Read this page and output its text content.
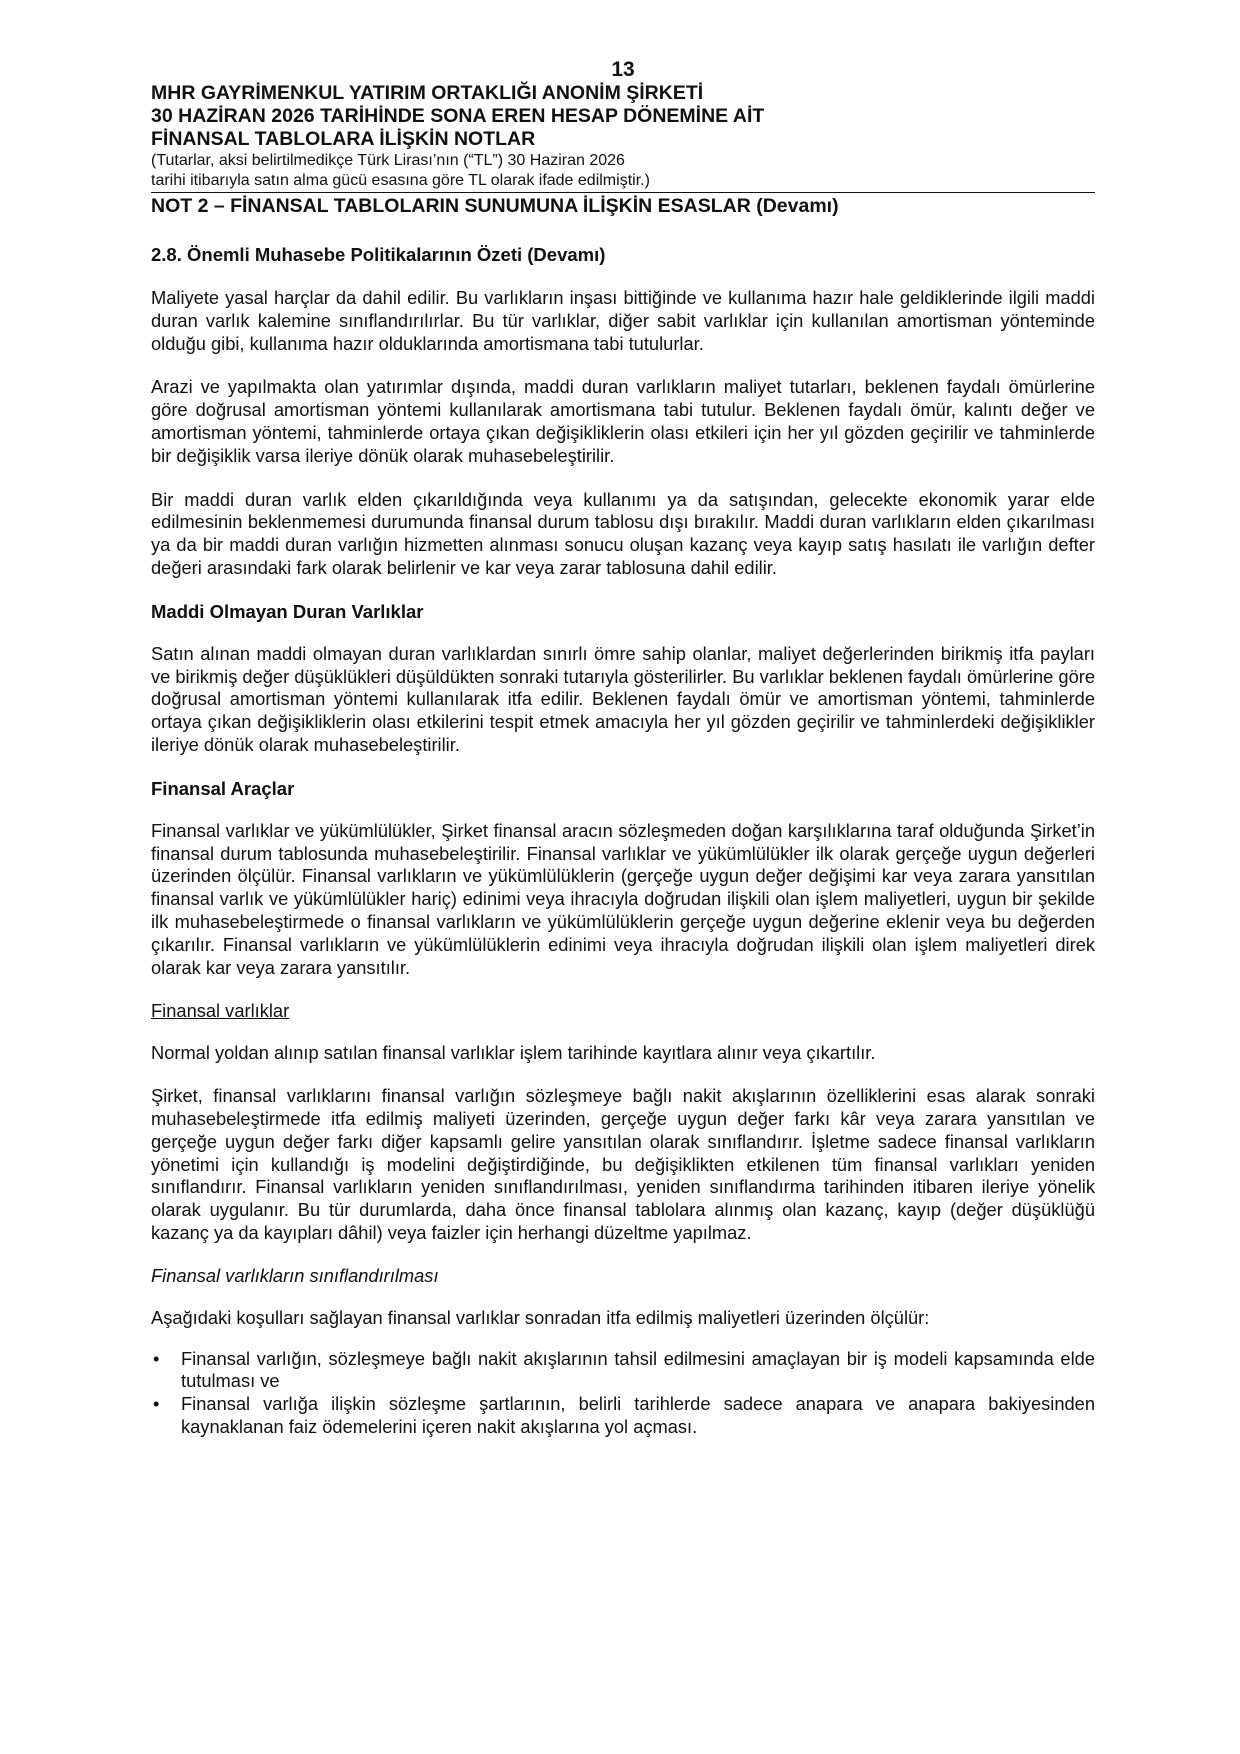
13
MHR GAYRİMENKUL YATIRIM ORTAKLIĞI ANONİM ŞİRKETİ
30 HAZİRAN 2026 TARİHİNDE SONA EREN HESAP DÖNEMİNE AİT
FİNANSAL TABLOLARA İLİŞKİN NOTLAR
(Tutarlar, aksi belirtilmedikçe Türk Lirası’nın (“TL”) 30 Haziran 2026
tarihi itibarıyla satın alma gücü esasına göre TL olarak ifade edilmiştir.)
NOT 2 – FİNANSAL TABLOLARIN SUNUMUNA İLİŞKİN ESASLAR (Devamı)
2.8. Önemli Muhasebe Politikalarının Özeti (Devamı)

Maliyete yasal harçlar da dahil edilir. Bu varlıkların inşası bittiğinde ve kullanıma hazır hale geldiklerinde ilgili maddi duran varlık kalemine sınıflandırılırlar. Bu tür varlıklar, diğer sabit varlıklar için kullanılan amortisman yönteminde olduğu gibi, kullanıma hazır olduklarında amortismana tabi tutulurlar.

Arazi ve yapılmakta olan yatırımlar dışında, maddi duran varlıkların maliyet tutarları, beklenen faydalı ömürlerine göre doğrusal amortisman yöntemi kullanılarak amortismana tabi tutulur. Beklenen faydalı ömür, kalıntı değer ve amortisman yöntemi, tahminlerde ortaya çıkan değişikliklerin olası etkileri için her yıl gözden geçirilir ve tahminlerde bir değişiklik varsa ileriye dönük olarak muhasebeleştirilir.

Bir maddi duran varlık elden çıkarıldığında veya kullanımı ya da satışından, gelecekte ekonomik yarar elde edilmesinin beklenmemesi durumunda finansal durum tablosu dışı bırakılır. Maddi duran varlıkların elden çıkarılması ya da bir maddi duran varlığın hizmetten alınması sonucu oluşan kazanç veya kayıp satış hasılatı ile varlığın defter değeri arasındaki fark olarak belirlenir ve kar veya zarar tablosuna dahil edilir.

Maddi Olmayan Duran Varlıklar

Satın alınan maddi olmayan duran varlıklardan sınırlı ömre sahip olanlar, maliyet değerlerinden birikmiş itfa payları ve birikmiş değer düşüklükleri düşüldükten sonraki tutarıyla gösterilirler. Bu varlıklar beklenen faydalı ömürlerine göre doğrusal amortisman yöntemi kullanılarak itfa edilir. Beklenen faydalı ömür ve amortisman yöntemi, tahminlerde ortaya çıkan değişikliklerin olası etkilerini tespit etmek amacıyla her yıl gözden geçirilir ve tahminlerdeki değişiklikler ileriye dönük olarak muhasebeleştirilir.

Finansal Araçlar

Finansal varlıklar ve yükümlülükler, Şirket finansal aracın sözleşmeden doğan karşılıklarına taraf olduğunda Şirket’in finansal durum tablosunda muhasebeleştirilir. Finansal varlıklar ve yükümlülükler ilk olarak gerçeğe uygun değerleri üzerinden ölçülür. Finansal varlıkların ve yükümlülüklerin (gerçeğe uygun değer değişimi kar veya zarara yansıtılan finansal varlık ve yükümlülükler hariç) edinimi veya ihracıyla doğrudan ilişkili olan işlem maliyetleri, uygun bir şekilde ilk muhasebeleştirmede o finansal varlıkların ve yükümlülüklerin gerçeğe uygun değerine eklenir veya bu değerden çıkarılır. Finansal varlıkların ve yükümlülüklerin edinimi veya ihracıyla doğrudan ilişkili olan işlem maliyetleri direk olarak kar veya zarara yansıtılır.

Finansal varlıklar

Normal yoldan alınıp satılan finansal varlıklar işlem tarihinde kayıtlara alınır veya çıkartılır.

Şirket, finansal varlıklarını finansal varlığın sözleşmeye bağlı nakit akışlarının özelliklerini esas alarak sonraki muhasebeleştirmede itfa edilmiş maliyeti üzerinden, gerçeğe uygun değer farkı kâr veya zarara yansıtılan ve gerçeğe uygun değer farkı diğer kapsamlı gelire yansıtılan olarak sınıflandırır. İşletme sadece finansal varlıkların yönetimi için kullandığı iş modelini değiştirdiğinde, bu değişiklikten etkilenen tüm finansal varlıkları yeniden sınıflandırır. Finansal varlıkların yeniden sınıflandırılması, yeniden sınıflandırma tarihinden itibaren ileriye yönelik olarak uygulanır. Bu tür durumlarda, daha önce finansal tablolara alınmış olan kazanç, kayıp (değer düşüklüğü kazanç ya da kayıpları dâhil) veya faizler için herhangi düzeltme yapılmaz.

Finansal varlıkların sınıflandırılması

Aşağıdaki koşulları sağlayan finansal varlıklar sonradan itfa edilmiş maliyetleri üzerinden ölçülür:

• Finansal varlığın, sözleşmeye bağlı nakit akışlarının tahsil edilmesini amaçlayan bir iş modeli kapsamında elde tutulması ve
• Finansal varlığa ilişkin sözleşme şartlarının, belirli tarihlerde sadece anapara ve anapara bakiyesinden kaynaklanan faiz ödemelerini içeren nakit akışlarına yol açması.
